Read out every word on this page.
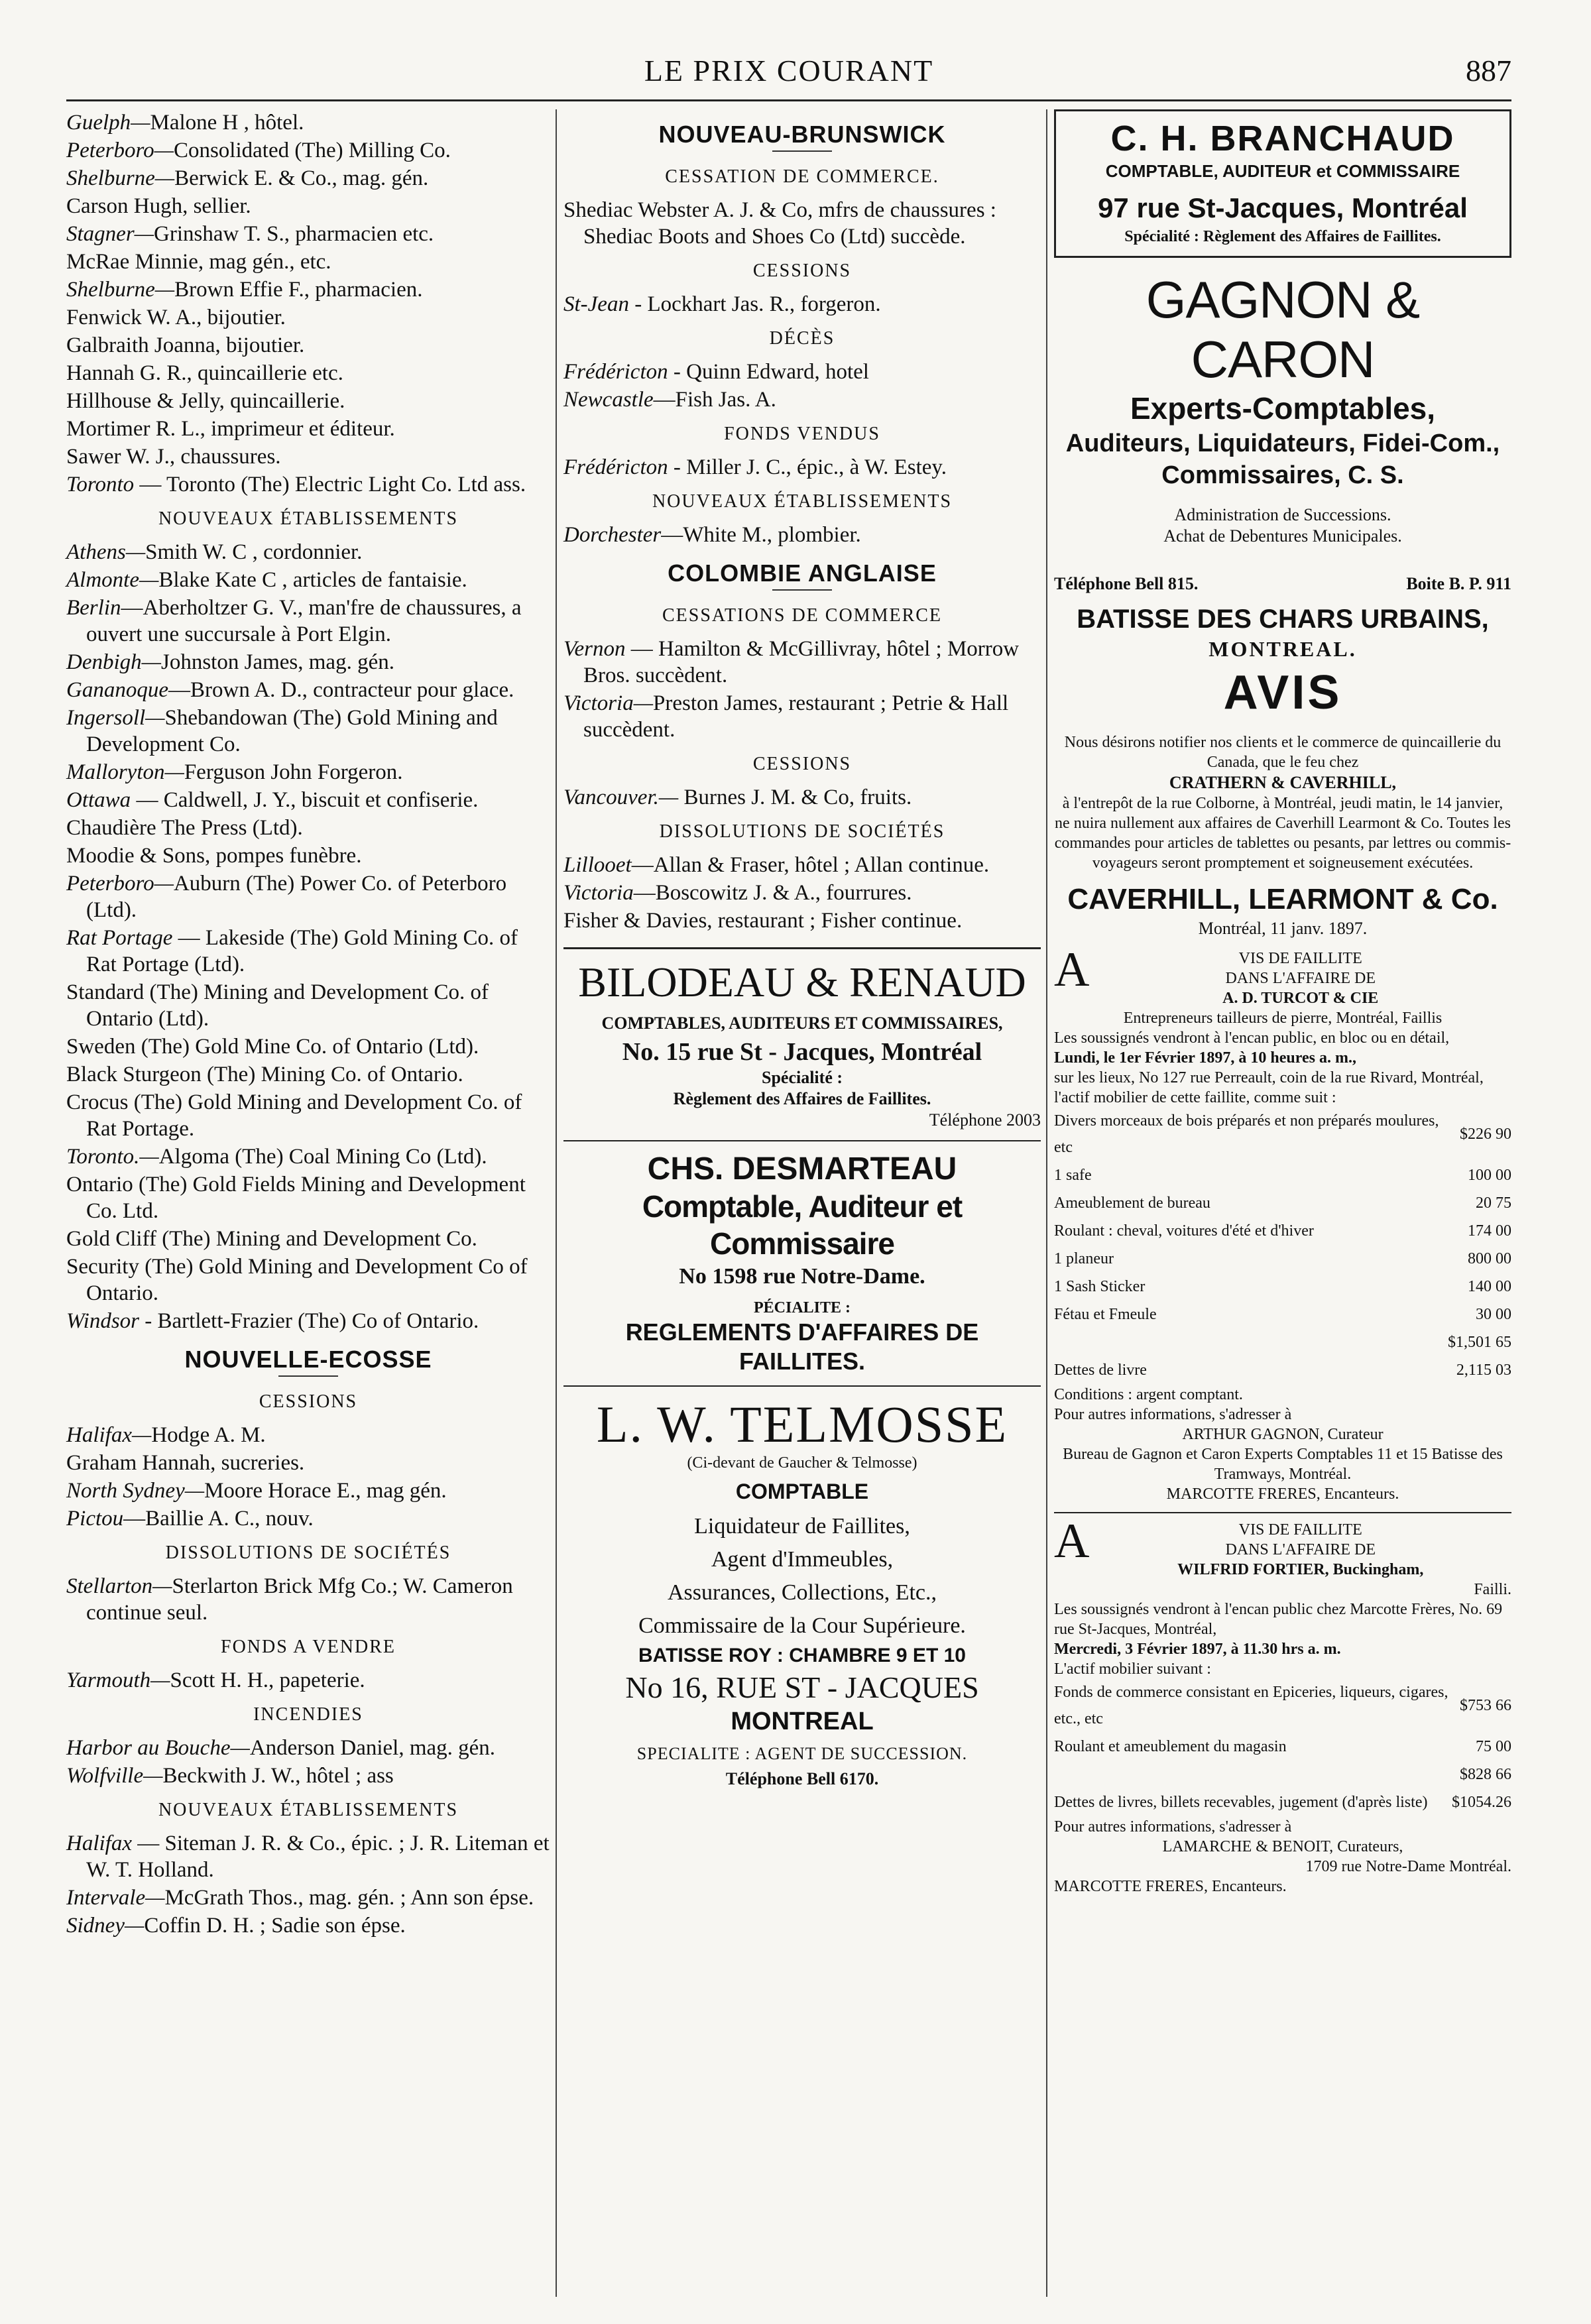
LE PRIX COURANT	887
Guelph—Malone H , hôtel.
Peterboro—Consolidated (The) Milling Co.
Shelburne—Berwick E. & Co., mag. gén.
Carson Hugh, sellier.
Stagner—Grinshaw T. S., pharmacien etc.
McRae Minnie, mag gén., etc.
Shelburne—Brown Effie F., pharmacien.
Fenwick W. A., bijoutier.
Galbraith Joanna, bijoutier.
Hannah G. R., quincaillerie etc.
Hillhouse & Jelly, quincaillerie.
Mortimer R. L., imprimeur et éditeur.
Sawer W. J., chaussures.
Toronto — Toronto (The) Electric Light Co. Ltd ass.
NOUVEAUX ÉTABLISSEMENTS
Athens—Smith W. C , cordonnier.
Almonte—Blake Kate C , articles de fantaisie.
Berlin—Aberholtzer G. V., man'fre de chaussures, a ouvert une succursale à Port Elgin.
Denbigh—Johnston James, mag. gén.
Gananoque—Brown A. D., contracteur pour glace.
Ingersoll—Shebandowan (The) Gold Mining and Development Co.
Malloryton—Ferguson John Forgeron.
Ottawa — Caldwell, J. Y., biscuit et confiserie.
Chaudière The Press (Ltd).
Moodie & Sons, pompes funèbre.
Peterboro—Auburn (The) Power Co. of Peterboro (Ltd).
Rat Portage — Lakeside (The) Gold Mining Co. of Rat Portage (Ltd).
Standard (The) Mining and Development Co. of Ontario (Ltd).
Sweden (The) Gold Mine Co. of Ontario (Ltd).
Black Sturgeon (The) Mining Co. of Ontario.
Crocus (The) Gold Mining and Development Co. of Rat Portage.
Toronto.—Algoma (The) Coal Mining Co (Ltd).
Ontario (The) Gold Fields Mining and Development Co. Ltd.
Gold Cliff (The) Mining and Development Co.
Security (The) Gold Mining and Development Co of Ontario.
Windsor - Bartlett-Frazier (The) Co of Ontario.
NOUVELLE-ECOSSE
CESSIONS
Halifax—Hodge A. M.
Graham Hannah, sucreries.
North Sydney—Moore Horace E., mag gén.
Pictou—Baillie A. C., nouv.
DISSOLUTIONS DE SOCIÉTÉS
Stellarton—Sterlarton Brick Mfg Co.; W. Cameron continue seul.
FONDS A VENDRE
Yarmouth—Scott H. H., papeterie.
INCENDIES
Harbor au Bouche—Anderson Daniel, mag. gén.
Wolfville—Beckwith J. W., hôtel ; ass
NOUVEAUX ÉTABLISSEMENTS
Halifax — Siteman J. R. & Co., épic. ; J. R. Liteman et W. T. Holland.
Intervale—McGrath Thos., mag. gén. ; Ann son épse.
Sidney—Coffin D. H. ; Sadie son épse.
NOUVEAU-BRUNSWICK
CESSATION DE COMMERCE.
Shediac Webster A. J. & Co, mfrs de chaussures : Shediac Boots and Shoes Co (Ltd) succède.
CESSIONS
St-Jean - Lockhart Jas. R., forgeron.
DÉCÈS
Frédéricton - Quinn Edward, hotel
Newcastle—Fish Jas. A.
FONDS VENDUS
Frédéricton - Miller J. C., épic., à W. Estey.
NOUVEAUX ÉTABLISSEMENTS
Dorchester—White M., plombier.
COLOMBIE ANGLAISE
CESSATIONS DE COMMERCE
Vernon — Hamilton & McGillivray, hôtel ; Morrow Bros. succèdent.
Victoria—Preston James, restaurant ; Petrie & Hall succèdent.
CESSIONS
Vancouver.— Burnes J. M. & Co, fruits.
DISSOLUTIONS DE SOCIÉTÉS
Lillooet—Allan & Fraser, hôtel ; Allan continue.
Victoria—Boscowitz J. & A., fourrures.
Fisher & Davies, restaurant ; Fisher continue.
BILODEAU & RENAUD
COMPTABLES, AUDITEURS ET COMMISSAIRES,
No. 15 rue St - Jacques, Montréal
Spécialité :
Règlement des Affaires de Faillites.
Téléphone 2003
CHS. DESMARTEAU
Comptable, Auditeur et Commissaire
No 1598 rue Notre-Dame.
PÉCIALITE :
REGLEMENTS D'AFFAIRES DE FAILLITES.
L. W. TELMOSSE
(Ci-devant de Gaucher & Telmosse)
COMPTABLE
Liquidateur de Faillites,
Agent d'Immeubles,
Assurances, Collections, Etc.,
Commissaire de la Cour Supérieure.
BATISSE ROY : CHAMBRE 9 ET 10
No 16, RUE ST - JACQUES
MONTREAL
SPECIALITE : AGENT DE SUCCESSION.
Téléphone Bell 6170.
C. H. BRANCHAUD
COMPTABLE, AUDITEUR et COMMISSAIRE
97 rue St-Jacques, Montréal
Spécialité : Règlement des Affaires de Faillites.
GAGNON & CARON
Experts-Comptables,
Auditeurs, Liquidateurs, Fidei-Com., Commissaires, C. S.
Administration de Successions.
Achat de Debentures Municipales.
Téléphone Bell 815.	Boite B. P. 911
BATISSE DES CHARS URBAINS,
MONTREAL.
AVIS
Nous désirons notifier nos clients et le commerce de quincaillerie du Canada, que le feu chez
CRATHERN & CAVERHILL,
à l'entrepôt de la rue Colborne, à Montréal, jeudi matin, le 14 janvier, ne nuira nullement aux affaires de Caverhill Learmont & Co. Toutes les commandes pour articles de tablettes ou pesants, par lettres ou commis-voyageurs seront promptement et soigneusement exécutées.
CAVERHILL, LEARMONT & Co.
Montréal, 11 janv. 1897.
A	VIS DE FAILLITE
DANS L'AFFAIRE DE
A. D. TURCOT & CIE
Entrepreneurs tailleurs de pierre, Montréal, Faillis
Les soussignés vendront à l'encan public, en bloc ou en détail,
Lundi, le 1er Février 1897, à 10 heures a. m.,
sur les lieux, No 127 rue Perreault, coin de la rue Rivard, Montréal, l'actif mobilier de cette faillite, comme suit :
Divers morceaux de bois préparés et non préparés moulures, etc	$226 90
1 safe	100 00
Ameublement de bureau	20 75
Roulant : cheval, voitures d'été et d'hiver	174 00
1 planeur	800 00
1 Sash Sticker	140 00
Fétau et Fmeule	30 00
	$1,501 65
Dettes de livre	2,115 03
Conditions : argent comptant.
Pour autres informations, s'adresser à
ARTHUR GAGNON, Curateur
Bureau de Gagnon et Caron Experts Comptables 11 et 15 Batisse des Tramways, Montréal.
MARCOTTE FRERES, Encanteurs.
A	VIS DE FAILLITE
DANS L'AFFAIRE DE
WILFRID FORTIER, Buckingham,
Failli.
Les soussignés vendront à l'encan public chez Marcotte Frères, No. 69 rue St-Jacques, Montréal,
Mercredi, 3 Février 1897, à 11.30 hrs a. m.
L'actif mobilier suivant :
Fonds de commerce consistant en Epiceries, liqueurs, cigares, etc., etc	$753 66
Roulant et ameublement du magasin	75 00
	$828 66
Dettes de livres, billets recevables, jugement (d'après liste)	$1054.26
Pour autres informations, s'adresser à
LAMARCHE & BENOIT, Curateurs,
1709 rue Notre-Dame Montréal.
MARCOTTE FRERES, Encanteurs.
